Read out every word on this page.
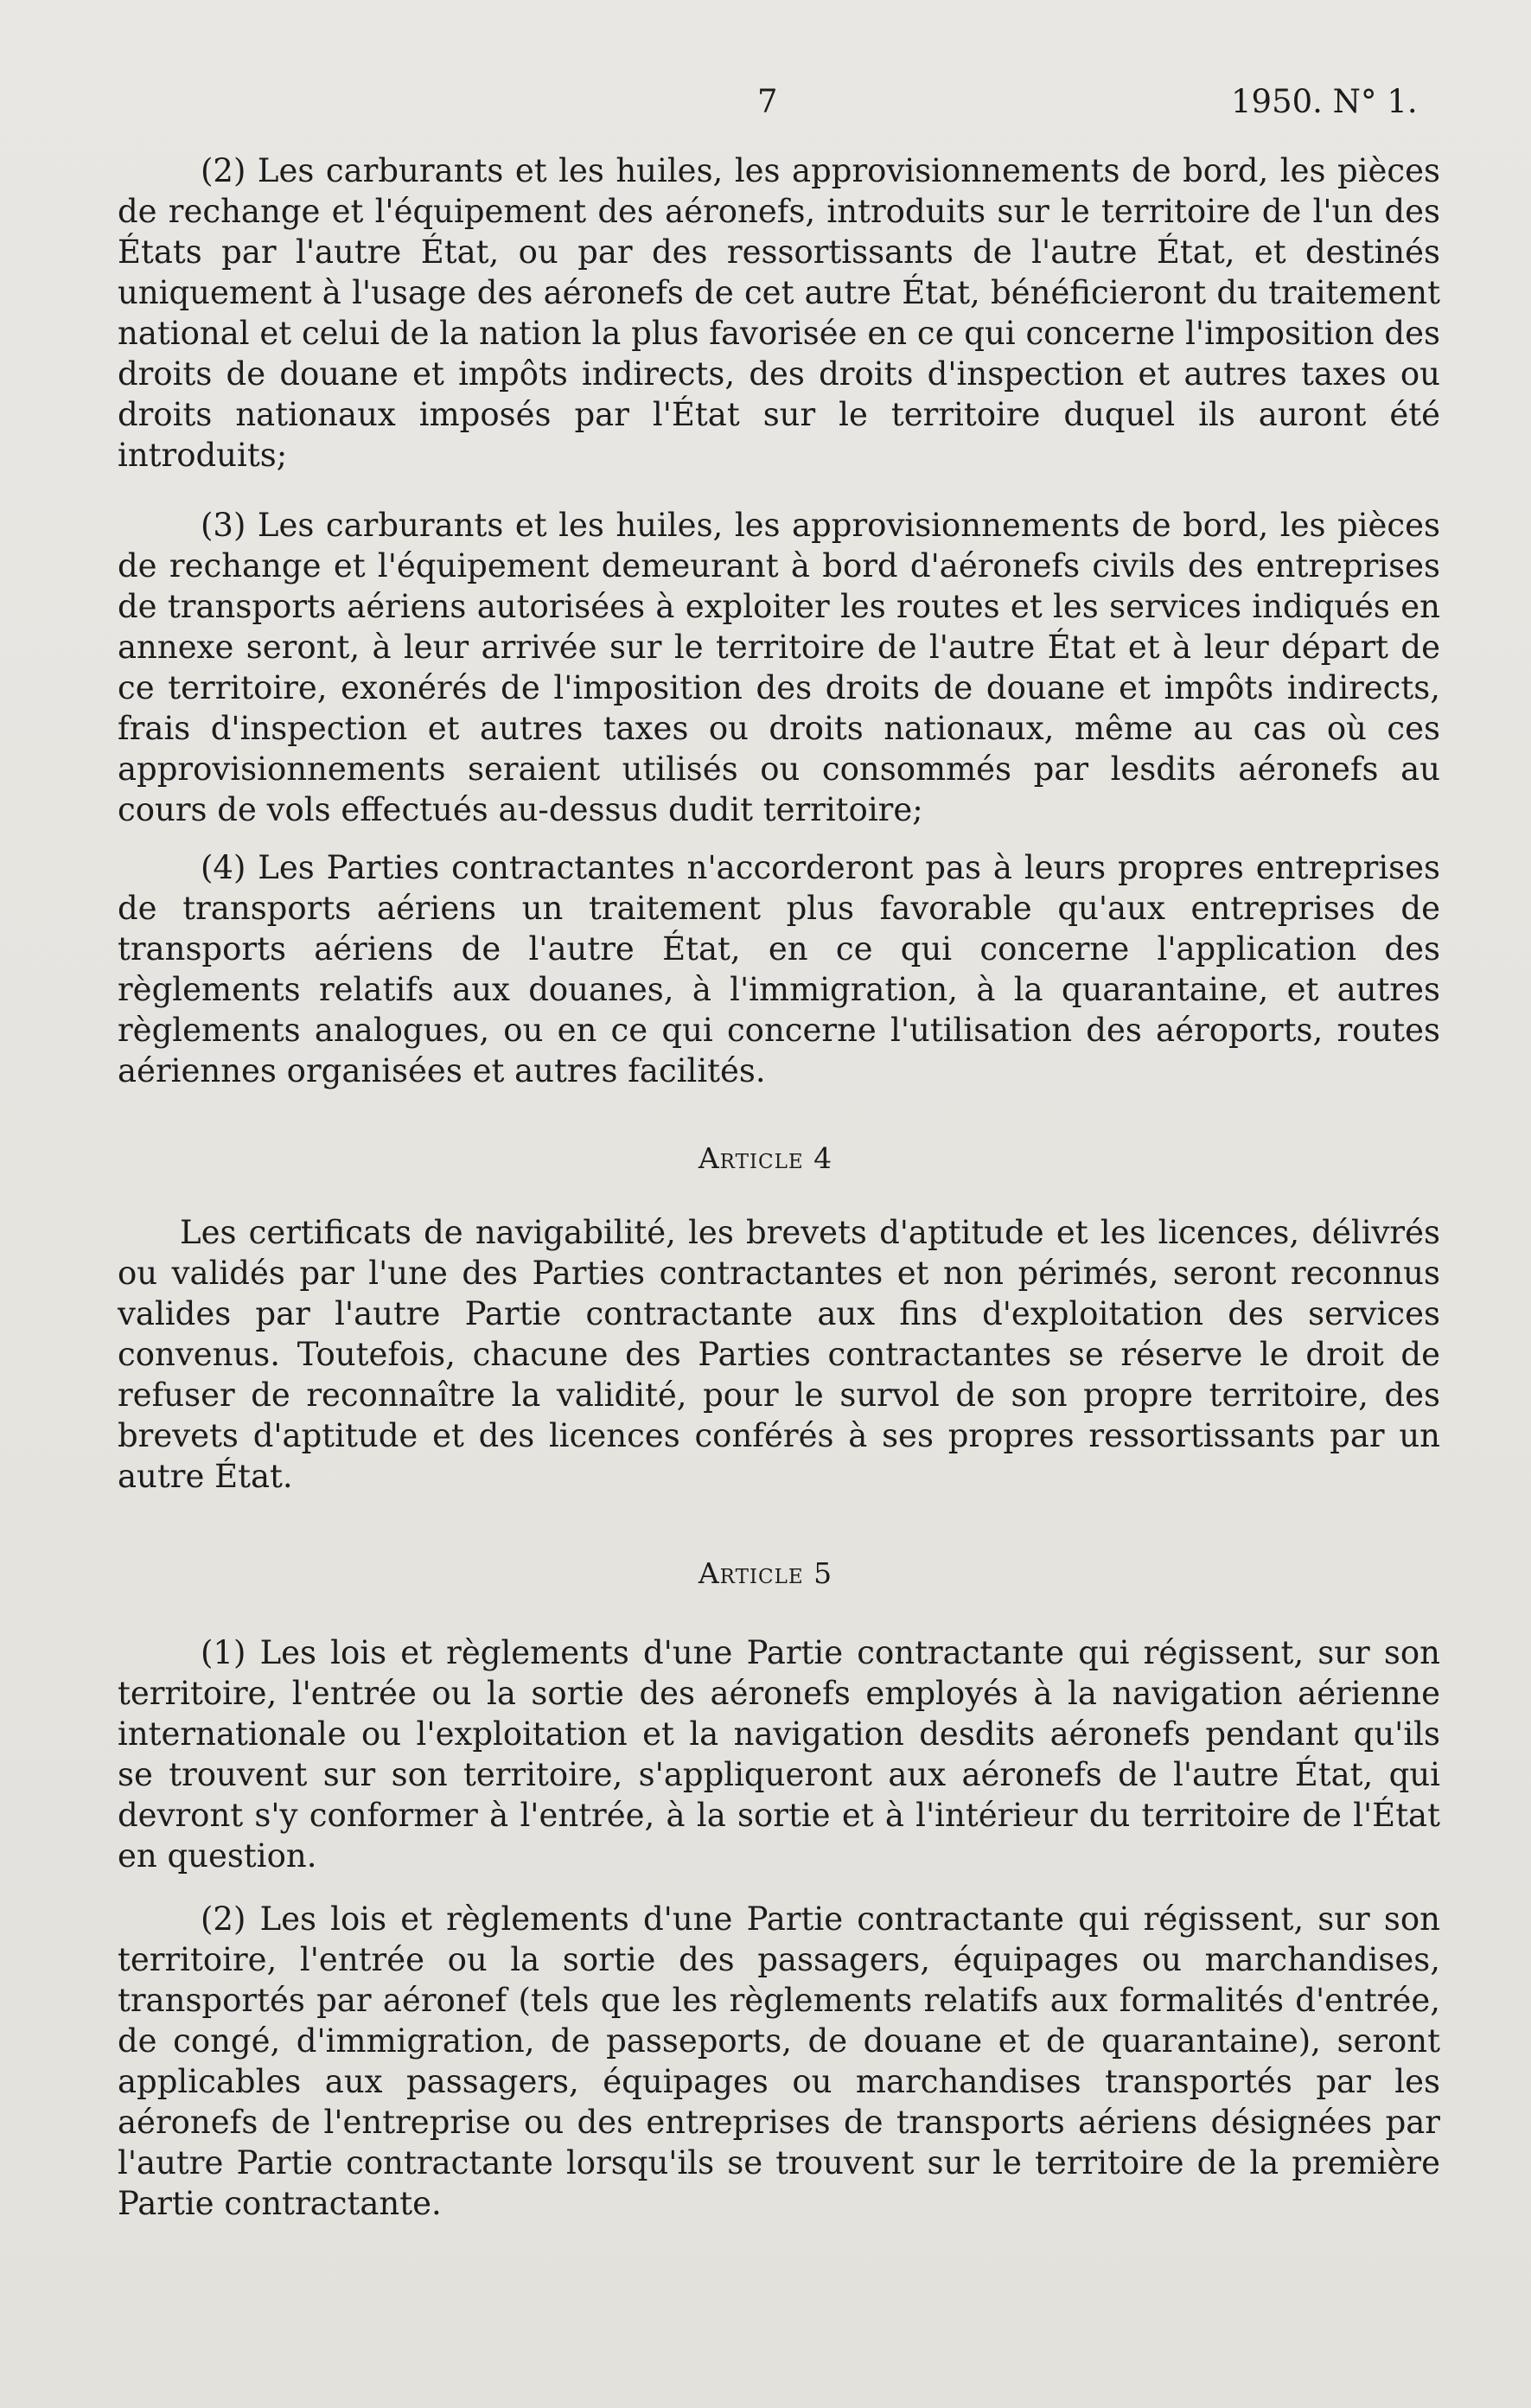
7	1950. N° 1.

(2) Les carburants et les huiles, les approvisionnements de bord, les pièces de rechange et l'équipement des aéronefs, introduits sur le territoire de l'un des États par l'autre État, ou par des ressortissants de l'autre État, et destinés uniquement à l'usage des aéronefs de cet autre État, bénéficieront du traitement national et celui de la nation la plus favorisée en ce qui concerne l'imposition des droits de douane et impôts indirects, des droits d'inspection et autres taxes ou droits nationaux imposés par l'État sur le territoire duquel ils auront été introduits;

(3) Les carburants et les huiles, les approvisionnements de bord, les pièces de rechange et l'équipement demeurant à bord d'aéronefs civils des entreprises de transports aériens autorisées à exploiter les routes et les services indiqués en annexe seront, à leur arrivée sur le territoire de l'autre État et à leur départ de ce territoire, exonérés de l'imposition des droits de douane et impôts indirects, frais d'inspection et autres taxes ou droits nationaux, même au cas où ces approvisionnements seraient utilisés ou consommés par lesdits aéronefs au cours de vols effectués au-dessus dudit territoire;

(4) Les Parties contractantes n'accorderont pas à leurs propres entreprises de transports aériens un traitement plus favorable qu'aux entreprises de transports aériens de l'autre État, en ce qui concerne l'application des règlements relatifs aux douanes, à l'immigration, à la quarantaine, et autres règlements analogues, ou en ce qui concerne l'utilisation des aéroports, routes aériennes organisées et autres facilités.

Article 4

Les certificats de navigabilité, les brevets d'aptitude et les licences, délivrés ou validés par l'une des Parties contractantes et non périmés, seront reconnus valides par l'autre Partie contractante aux fins d'exploitation des services convenus. Toutefois, chacune des Parties contractantes se réserve le droit de refuser de reconnaître la validité, pour le survol de son propre territoire, des brevets d'aptitude et des licences conférés à ses propres ressortissants par un autre État.

Article 5

(1) Les lois et règlements d'une Partie contractante qui régissent, sur son territoire, l'entrée ou la sortie des aéronefs employés à la navigation aérienne internationale ou l'exploitation et la navigation desdits aéronefs pendant qu'ils se trouvent sur son territoire, s'appliqueront aux aéronefs de l'autre État, qui devront s'y conformer à l'entrée, à la sortie et à l'intérieur du territoire de l'État en question.

(2) Les lois et règlements d'une Partie contractante qui régissent, sur son territoire, l'entrée ou la sortie des passagers, équipages ou marchandises, transportés par aéronef (tels que les règlements relatifs aux formalités d'entrée, de congé, d'immigration, de passeports, de douane et de quarantaine), seront applicables aux passagers, équipages ou marchandises transportés par les aéronefs de l'entreprise ou des entreprises de transports aériens désignées par l'autre Partie contractante lorsqu'ils se trouvent sur le territoire de la première Partie contractante.
